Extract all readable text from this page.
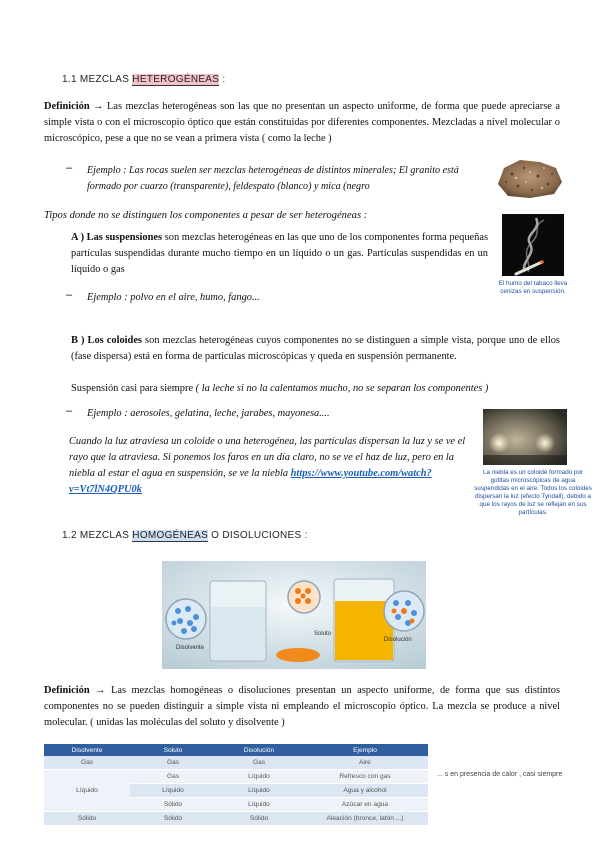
1.1 MEZCLAS HETEROGÉNEAS :
Definición → Las mezclas heterogéneas son las que no presentan un aspecto uniforme, de forma que puede apreciarse a simple vista o con el microscopio óptico que están constituidas por diferentes componentes. Mezcladas a nivel molecular o microscópico, pese a que no se vean a primera vista ( como la leche )
– Ejemplo : Las rocas suelen ser mezclas heterogéneas de distintos minerales; El granito está formado por cuarzo (transparente), feldespato (blanco) y mica (negro
Tipos donde no se distinguen los componentes a pesar de ser heterogéneas :
A ) Las suspensiones son mezclas heterogéneas en las que uno de los componentes forma pequeñas partículas suspendidas durante mucho tiempo en un líquido o un gas. Partículas suspendidas en un líquido o gas
– Ejemplo : polvo en el aire, humo, fango...
El humo del tabaco lleva cenizas en suspensión.
B ) Los coloides son mezclas heterogéneas cuyos componentes no se distinguen a simple vista, porque uno de ellos (fase dispersa) está en forma de partículas microscópicas y queda en suspensión permanente.
Suspensión casi para siempre ( la leche si no la calentamos mucho, no se separan los componentes )
– Ejemplo : aerosoles, gelatina, leche, jarabes, mayonesa....
Cuando la luz atraviesa un coloide o una heterogénea, las partículas dispersan la luz y se ve el rayo que la atraviesa. Si ponemos los faros en un día claro, no se ve el haz de luz, pero en la niebla al estar el agua en suspensión, se ve la niebla https://www.youtube.com/watch?v=Vt7lN4QPU0k
La niebla es un coloide formado por gotitas microscópicas de agua suspendidas en el aire. Todos los coloides dispersan la luz (efecto Tyndall), debido a que los rayos de luz se reflejan en sus partículas.
1.2 MEZCLAS HOMOGÉNEAS O DISOLUCIONES :
Disolvente
Soluto
Disolución
Definición → Las mezclas homogéneas o disoluciones presentan un aspecto uniforme, de forma que sus distintos componentes no se pueden distinguir a simple vista ni empleando el microscopio óptico. La mezcla se produce a nivel molecular. ( unidas las moléculas del soluto y disolvente )
Disolvente	Soluto	Disolución	Ejemplo
Gas	Gas	Gas	Aire
Líquido	Gas	Líquido	Refresco con gas
	Líquido	Líquido	Agua y alcohol
	Sólido	Líquido	Azúcar en agua
Sólido	Sólido	Sólido	Aleación (bronce, latón ...)
... s en presencia de calor , casi siempre
